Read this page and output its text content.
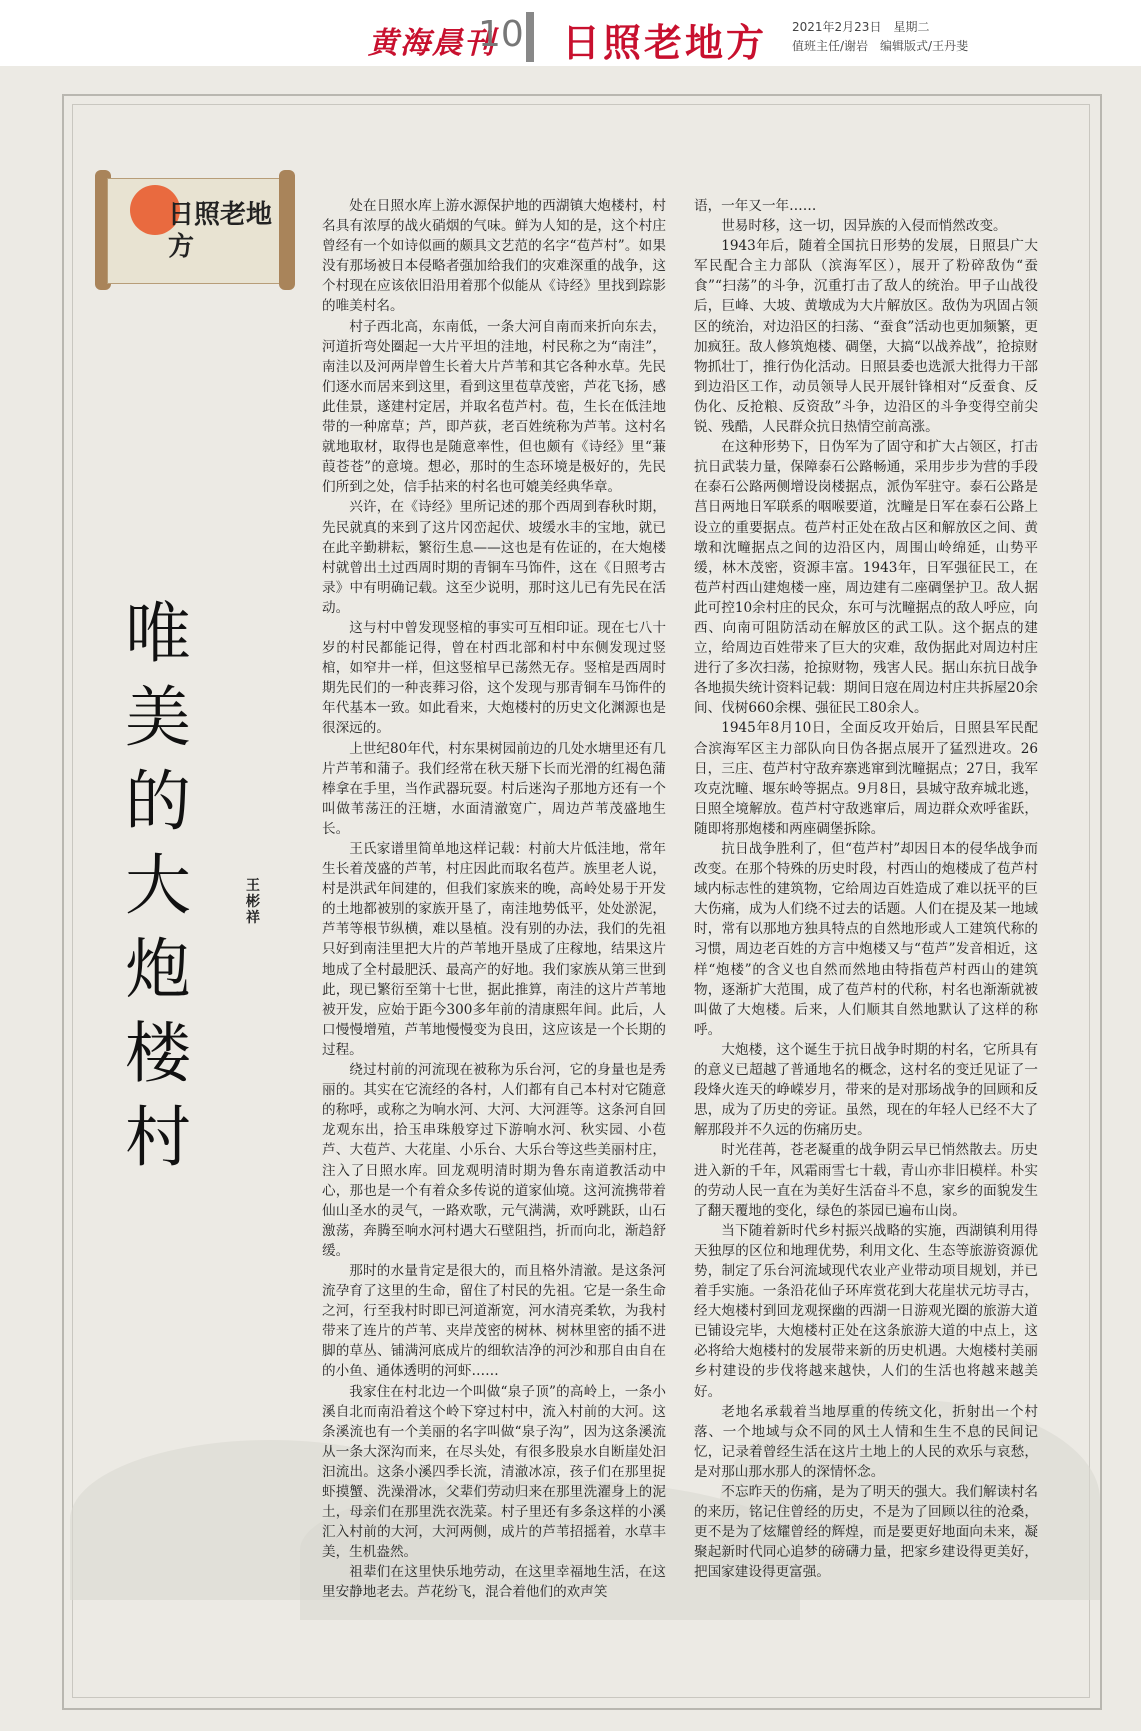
黄海晨刊
10 日照老地方 2021年2月23日　星期二
值班主任/谢岩　编辑版式/王丹斐
日照老地方
唯
美
的
大
炮
楼
村
王
彬
祥

处在日照水库上游水源保护地的西湖镇大炮楼村，村名具有浓厚的战火硝烟的气味。鲜为人知的是，这个村庄曾经有一个如诗似画的颇具文艺范的名字“苞芦村”。如果没有那场被日本侵略者强加给我们的灾难深重的战争，这个村现在应该依旧沿用着那个似能从《诗经》里找到踪影的唯美村名。

村子西北高，东南低，一条大河自南而来折向东去，河道折弯处圈起一大片平坦的洼地，村民称之为“南洼”，南洼以及河两岸曾生长着大片芦苇和其它各种水草。先民们逐水而居来到这里，看到这里苞草茂密，芦花飞扬，感此佳景，遂建村定居，并取名苞芦村。苞，生长在低洼地带的一种席草；芦，即芦荻，老百姓统称为芦苇。这村名就地取材，取得也是随意率性，但也颇有《诗经》里“蒹葭苍苍”的意境。想必，那时的生态环境是极好的，先民们所到之处，信手拈来的村名也可媲美经典华章。

兴许，在《诗经》里所记述的那个西周到春秋时期，先民就真的来到了这片冈峦起伏、坡缓水丰的宝地，就已在此辛勤耕耘，繁衍生息——这也是有佐证的，在大炮楼村就曾出土过西周时期的青铜车马饰件，这在《日照考古录》中有明确记载。这至少说明，那时这儿已有先民在活动。

这与村中曾发现竖棺的事实可互相印证。现在七八十岁的村民都能记得，曾在村西北部和村中东侧发现过竖棺，如窄井一样，但这竖棺早已荡然无存。竖棺是西周时期先民们的一种丧葬习俗，这个发现与那青铜车马饰件的年代基本一致。如此看来，大炮楼村的历史文化渊源也是很深远的。

上世纪80年代，村东果树园前边的几处水塘里还有几片芦苇和蒲子。我们经常在秋天掰下长而光滑的红褐色蒲棒拿在手里，当作武器玩耍。村后迷沟子那地方还有一个叫做苇荡汪的汪塘，水面清澈宽广，周边芦苇茂盛地生长。

王氏家谱里简单地这样记载：村前大片低洼地，常年生长着茂盛的芦苇，村庄因此而取名苞芦。族里老人说，村是洪武年间建的，但我们家族来的晚，高岭处易于开发的土地都被别的家族开垦了，南洼地势低平，处处淤泥，芦苇等根节纵横，难以垦植。没有别的办法，我们的先祖只好到南洼里把大片的芦苇地开垦成了庄稼地，结果这片地成了全村最肥沃、最高产的好地。我们家族从第三世到此，现已繁衍至第十七世，据此推算，南洼的这片芦苇地被开发，应始于距今300多年前的清康熙年间。此后，人口慢慢增殖，芦苇地慢慢变为良田，这应该是一个长期的过程。

绕过村前的河流现在被称为乐台河，它的身量也是秀丽的。其实在它流经的各村，人们都有自己本村对它随意的称呼，或称之为响水河、大河、大河涯等。这条河自回龙观东出，拾玉串珠般穿过下游响水河、秋实园、小苞芦、大苞芦、大花崖、小乐台、大乐台等这些美丽村庄，注入了日照水库。回龙观明清时期为鲁东南道教活动中心，那也是一个有着众多传说的道家仙境。这河流携带着仙山圣水的灵气，一路欢歌，元气满满，欢呼跳跃，山石激荡，奔腾至响水河村遇大石壁阻挡，折而向北，渐趋舒缓。

那时的水量肯定是很大的，而且格外清澈。是这条河流孕育了这里的生命，留住了村民的先祖。它是一条生命之河，行至我村时即已河道渐宽，河水清亮柔软，为我村带来了连片的芦苇、夹岸茂密的树林、树林里密的插不进脚的草丛、铺满河底成片的细软洁净的河沙和那自由自在的小鱼、通体透明的河虾……

我家住在村北边一个叫做“泉子顶”的高岭上，一条小溪自北而南沿着这个岭下穿过村中，流入村前的大河。这条溪流也有一个美丽的名字叫做“泉子沟”，因为这条溪流从一条大深沟而来，在尽头处，有很多股泉水自断崖处汩汩流出。这条小溪四季长流，清澈冰凉，孩子们在那里捉虾摸蟹、洗澡滑冰，父辈们劳动归来在那里洗濯身上的泥土，母亲们在那里洗衣洗菜。村子里还有多条这样的小溪汇入村前的大河，大河两侧，成片的芦苇招摇着，水草丰美，生机盎然。

祖辈们在这里快乐地劳动，在这里幸福地生活，在这里安静地老去。芦花纷飞，混合着他们的欢声笑

语，一年又一年……

世易时移，这一切，因异族的入侵而悄然改变。

1943年后，随着全国抗日形势的发展，日照县广大军民配合主力部队（滨海军区），展开了粉碎敌伪“蚕食”“扫荡”的斗争，沉重打击了敌人的统治。甲子山战役后，巨峰、大坡、黄墩成为大片解放区。敌伪为巩固占领区的统治，对边沿区的扫荡、“蚕食”活动也更加频繁，更加疯狂。敌人修筑炮楼、碉堡，大搞“以战养战”，抢掠财物抓壮丁，推行伪化活动。日照县委也选派大批得力干部到边沿区工作，动员领导人民开展针锋相对“反蚕食、反伪化、反抢粮、反资敌”斗争，边沿区的斗争变得空前尖锐、残酷，人民群众抗日热情空前高涨。

在这种形势下，日伪军为了固守和扩大占领区，打击抗日武装力量，保障泰石公路畅通，采用步步为营的手段在泰石公路两侧增设岗楼据点，派伪军驻守。泰石公路是莒日两地日军联系的咽喉要道，沈疃是日军在泰石公路上设立的重要据点。苞芦村正处在敌占区和解放区之间、黄墩和沈疃据点之间的边沿区内，周围山岭绵延，山势平缓，林木茂密，资源丰富。1943年，日军强征民工，在苞芦村西山建炮楼一座，周边建有二座碉堡护卫。敌人据此可控10余村庄的民众，东可与沈疃据点的敌人呼应，向西、向南可阻防活动在解放区的武工队。这个据点的建立，给周边百姓带来了巨大的灾难，敌伪据此对周边村庄进行了多次扫荡，抢掠财物，残害人民。据山东抗日战争各地损失统计资料记载：期间日寇在周边村庄共拆屋20余间、伐树660余棵、强征民工80余人。

1945年8月10日，全面反攻开始后，日照县军民配合滨海军区主力部队向日伪各据点展开了猛烈进攻。26日，三庄、苞芦村守敌弃寨逃窜到沈疃据点；27日，我军攻克沈疃、堰东岭等据点。9月8日，县城守敌弃城北逃，日照全境解放。苞芦村守敌逃窜后，周边群众欢呼雀跃，随即将那炮楼和两座碉堡拆除。

抗日战争胜利了，但“苞芦村”却因日本的侵华战争而改变。在那个特殊的历史时段，村西山的炮楼成了苞芦村域内标志性的建筑物，它给周边百姓造成了难以抚平的巨大伤痛，成为人们绕不过去的话题。人们在提及某一地域时，常有以那地方独具特点的自然地形或人工建筑代称的习惯，周边老百姓的方言中炮楼又与“苞芦”发音相近，这样“炮楼”的含义也自然而然地由特指苞芦村西山的建筑物，逐渐扩大范围，成了苞芦村的代称，村名也渐渐就被叫做了大炮楼。后来，人们顺其自然地默认了这样的称呼。

大炮楼，这个诞生于抗日战争时期的村名，它所具有的意义已超越了普通地名的概念，这村名的变迁见证了一段烽火连天的峥嵘岁月，带来的是对那场战争的回顾和反思，成为了历史的旁证。虽然，现在的年轻人已经不大了解那段并不久远的伤痛历史。

时光荏苒，苍老凝重的战争阴云早已悄然散去。历史进入新的千年，风霜雨雪七十载，青山亦非旧模样。朴实的劳动人民一直在为美好生活奋斗不息，家乡的面貌发生了翻天覆地的变化，绿色的茶园已遍布山岗。

当下随着新时代乡村振兴战略的实施，西湖镇利用得天独厚的区位和地理优势，利用文化、生态等旅游资源优势，制定了乐台河流域现代农业产业带动项目规划，并已着手实施。一条沿花仙子环库赏花到大花崖状元坊寻古，经大炮楼村到回龙观探幽的西湖一日游观光圈的旅游大道已铺设完毕，大炮楼村正处在这条旅游大道的中点上，这必将给大炮楼村的发展带来新的历史机遇。大炮楼村美丽乡村建设的步伐将越来越快，人们的生活也将越来越美好。

老地名承载着当地厚重的传统文化，折射出一个村落、一个地域与众不同的风土人情和生生不息的民间记忆，记录着曾经生活在这片土地上的人民的欢乐与哀愁，是对那山那水那人的深情怀念。

不忘昨天的伤痛，是为了明天的强大。我们解读村名的来历，铭记住曾经的历史，不是为了回顾以往的沧桑，更不是为了炫耀曾经的辉煌，而是要更好地面向未来，凝聚起新时代同心追梦的磅礴力量，把家乡建设得更美好，把国家建设得更富强。
